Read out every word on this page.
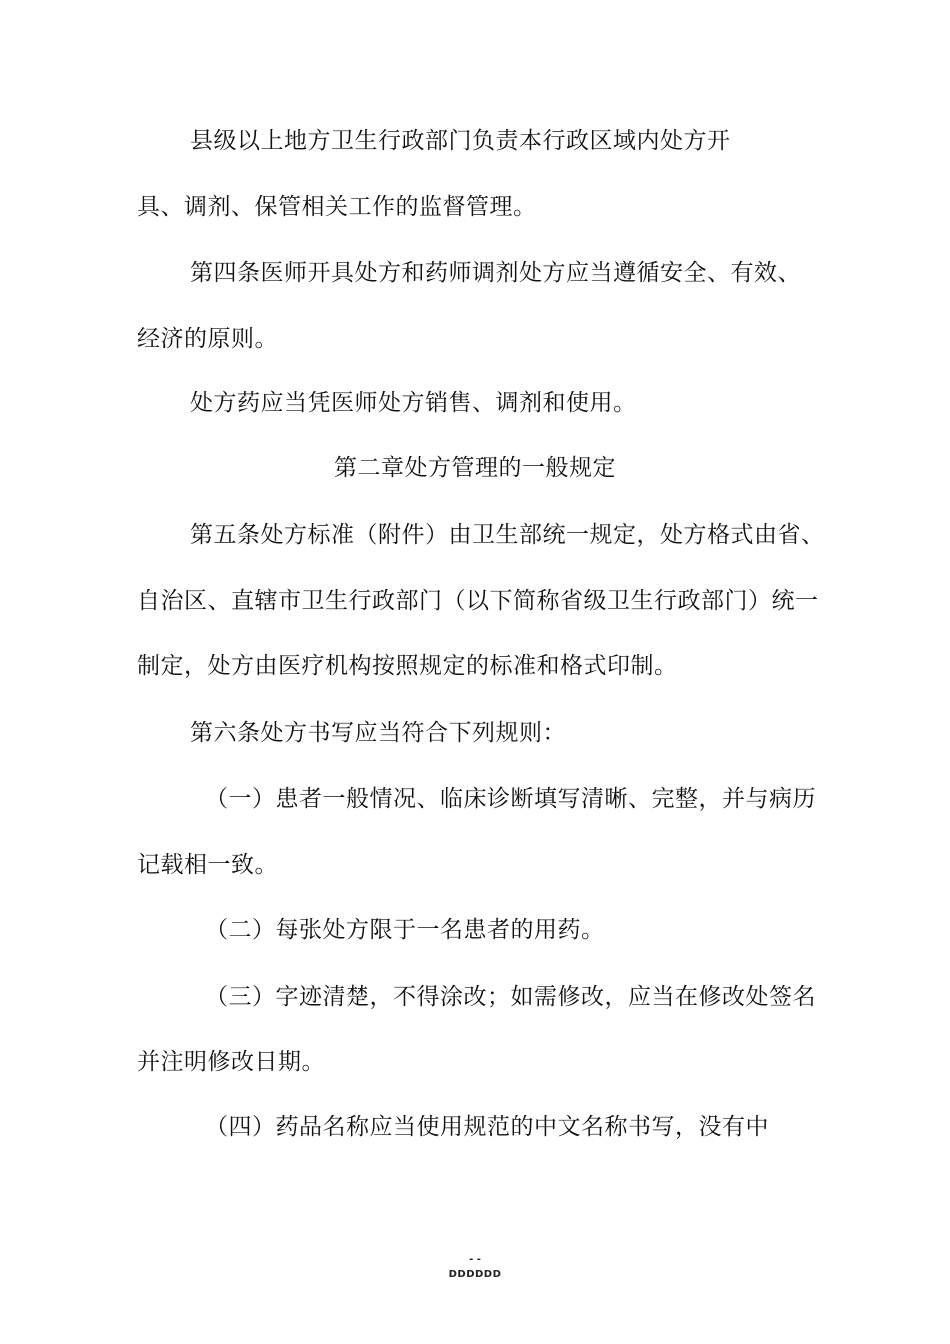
县级以上地方卫生行政部门负责本行政区域内处方开
具、调剂、保管相关工作的监督管理。
第四条医师开具处方和药师调剂处方应当遵循安全、有效、
经济的原则。
处方药应当凭医师处方销售、调剂和使用。
第二章处方管理的一般规定
第五条处方标准（附件）由卫生部统一规定，处方格式由省、
自治区、直辖市卫生行政部门（以下简称省级卫生行政部门）统一
制定，处方由医疗机构按照规定的标准和格式印制。
第六条处方书写应当符合下列规则：
（一）患者一般情况、临床诊断填写清晰、完整，并与病历
记载相一致。
（二）每张处方限于一名患者的用药。
（三）字迹清楚，不得涂改；如需修改，应当在修改处签名
并注明修改日期。
（四）药品名称应当使用规范的中文名称书写，没有中
- -
DDDDDD
